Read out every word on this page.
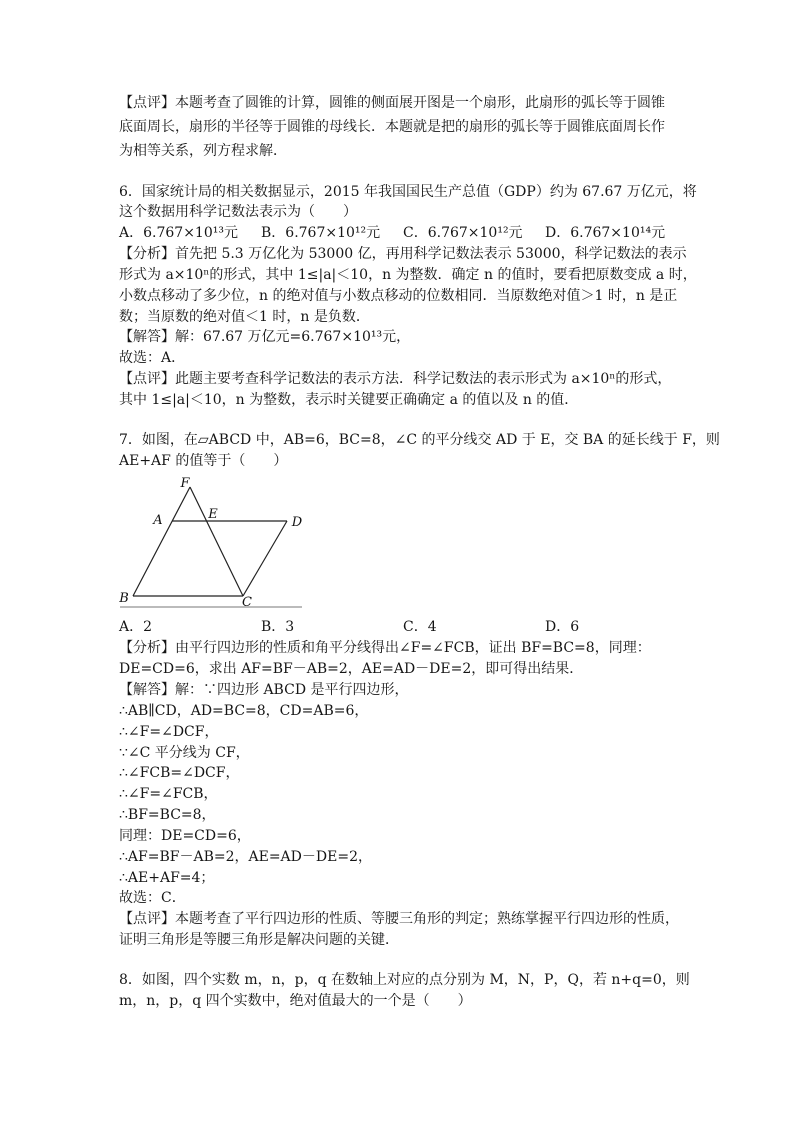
【点评】本题考查了圆锥的计算，圆锥的侧面展开图是一个扇形，此扇形的弧长等于圆锥
底面周长，扇形的半径等于圆锥的母线长．本题就是把的扇形的弧长等于圆锥底面周长作
为相等关系，列方程求解．
6．国家统计局的相关数据显示，2015 年我国国民生产总值（GDP）约为 67.67 万亿元，将
这个数据用科学记数法表示为（　　）
A．6.767×10¹³元	B．6.767×10¹²元	C．6.767×10¹²元	D．6.767×10¹⁴元
【分析】首先把 5.3 万亿化为 53000 亿，再用科学记数法表示 53000，科学记数法的表示
形式为 a×10ⁿ的形式，其中 1≤|a|＜10，n 为整数．确定 n 的值时，要看把原数变成 a 时，
小数点移动了多少位，n 的绝对值与小数点移动的位数相同．当原数绝对值＞1 时，n 是正
数；当原数的绝对值＜1 时，n 是负数．
【解答】解：67.67 万亿元=6.767×10¹³元，
故选：A．
【点评】此题主要考查科学记数法的表示方法．科学记数法的表示形式为 a×10ⁿ的形式，
其中 1≤|a|＜10，n 为整数，表示时关键要正确确定 a 的值以及 n 的值．
7．如图，在▱ABCD 中，AB=6，BC=8，∠C 的平分线交 AD 于 E，交 BA 的延长线于 F，则
AE+AF 的值等于（　　）
F
A	E
D
B	C
A．2	B．3	C．4	D．6
【分析】由平行四边形的性质和角平分线得出∠F=∠FCB，证出 BF=BC=8，同理：
DE=CD=6，求出 AF=BF－AB=2，AE=AD－DE=2，即可得出结果．
【解答】解：∵四边形 ABCD 是平行四边形，
∴AB∥CD，AD=BC=8，CD=AB=6，
∴∠F=∠DCF，
∵∠C 平分线为 CF，
∴∠FCB=∠DCF，
∴∠F=∠FCB，
∴BF=BC=8，
同理：DE=CD=6，
∴AF=BF－AB=2，AE=AD－DE=2，
∴AE+AF=4；
故选：C．
【点评】本题考查了平行四边形的性质、等腰三角形的判定；熟练掌握平行四边形的性质，
证明三角形是等腰三角形是解决问题的关键．
8．如图，四个实数 m，n，p，q 在数轴上对应的点分别为 M，N，P，Q，若 n+q=0，则
m，n，p，q 四个实数中，绝对值最大的一个是（　　）
